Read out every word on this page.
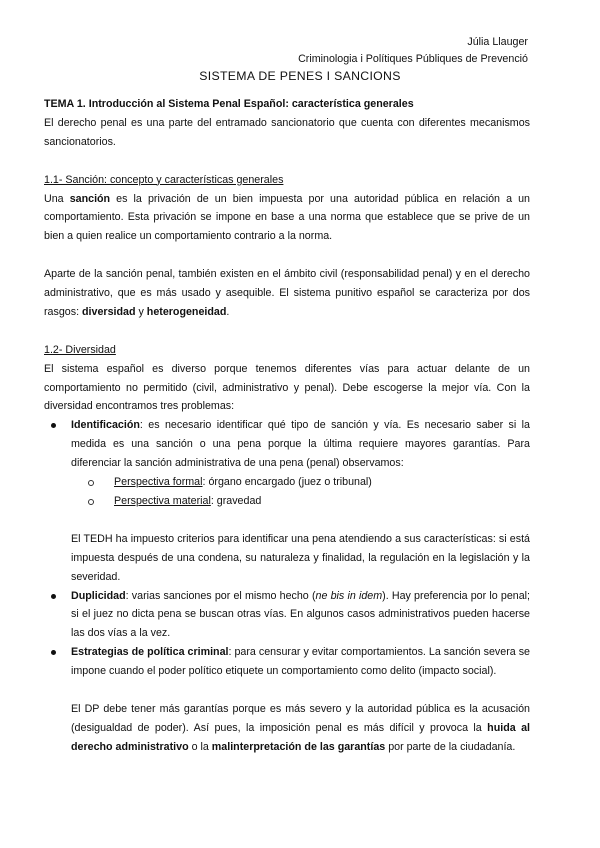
Júlia Llauger
Criminologia i Polítiques Públiques de Prevenció
SISTEMA DE PENES I SANCIONS

TEMA 1. Introducción al Sistema Penal Español: característica generales

El derecho penal es una parte del entramado sancionatorio que cuenta con diferentes mecanismos sancionatorios.

1.1- Sanción: concepto y características generales

Una sanción es la privación de un bien impuesta por una autoridad pública en relación a un comportamiento. Esta privación se impone en base a una norma que establece que se prive de un bien a quien realice un comportamiento contrario a la norma.

Aparte de la sanción penal, también existen en el ámbito civil (responsabilidad penal) y en el derecho administrativo, que es más usado y asequible. El sistema punitivo español se caracteriza por dos rasgos: diversidad y heterogeneidad.

1.2- Diversidad

El sistema español es diverso porque tenemos diferentes vías para actuar delante de un comportamiento no permitido (civil, administrativo y penal). Debe escogerse la mejor vía. Con la diversidad encontramos tres problemas:

Identificación: es necesario identificar qué tipo de sanción y vía. Es necesario saber si la medida es una sanción o una pena porque la última requiere mayores garantías. Para diferenciar la sanción administrativa de una pena (penal) observamos:
Perspectiva formal: órgano encargado (juez o tribunal)
Perspectiva material: gravedad

El TEDH ha impuesto criterios para identificar una pena atendiendo a sus características: si está impuesta después de una condena, su naturaleza y finalidad, la regulación en la legislación y la severidad.

Duplicidad: varias sanciones por el mismo hecho (ne bis in idem). Hay preferencia por lo penal; si el juez no dicta pena se buscan otras vías. En algunos casos administrativos pueden hacerse las dos vías a la vez.
Estrategias de política criminal: para censurar y evitar comportamientos. La sanción severa se impone cuando el poder político etiquete un comportamiento como delito (impacto social).

El DP debe tener más garantías porque es más severo y la autoridad pública es la acusación (desigualdad de poder). Así pues, la imposición penal es más difícil y provoca la huida al derecho administrativo o la malinterpretación de las garantías por parte de la ciudadanía.
